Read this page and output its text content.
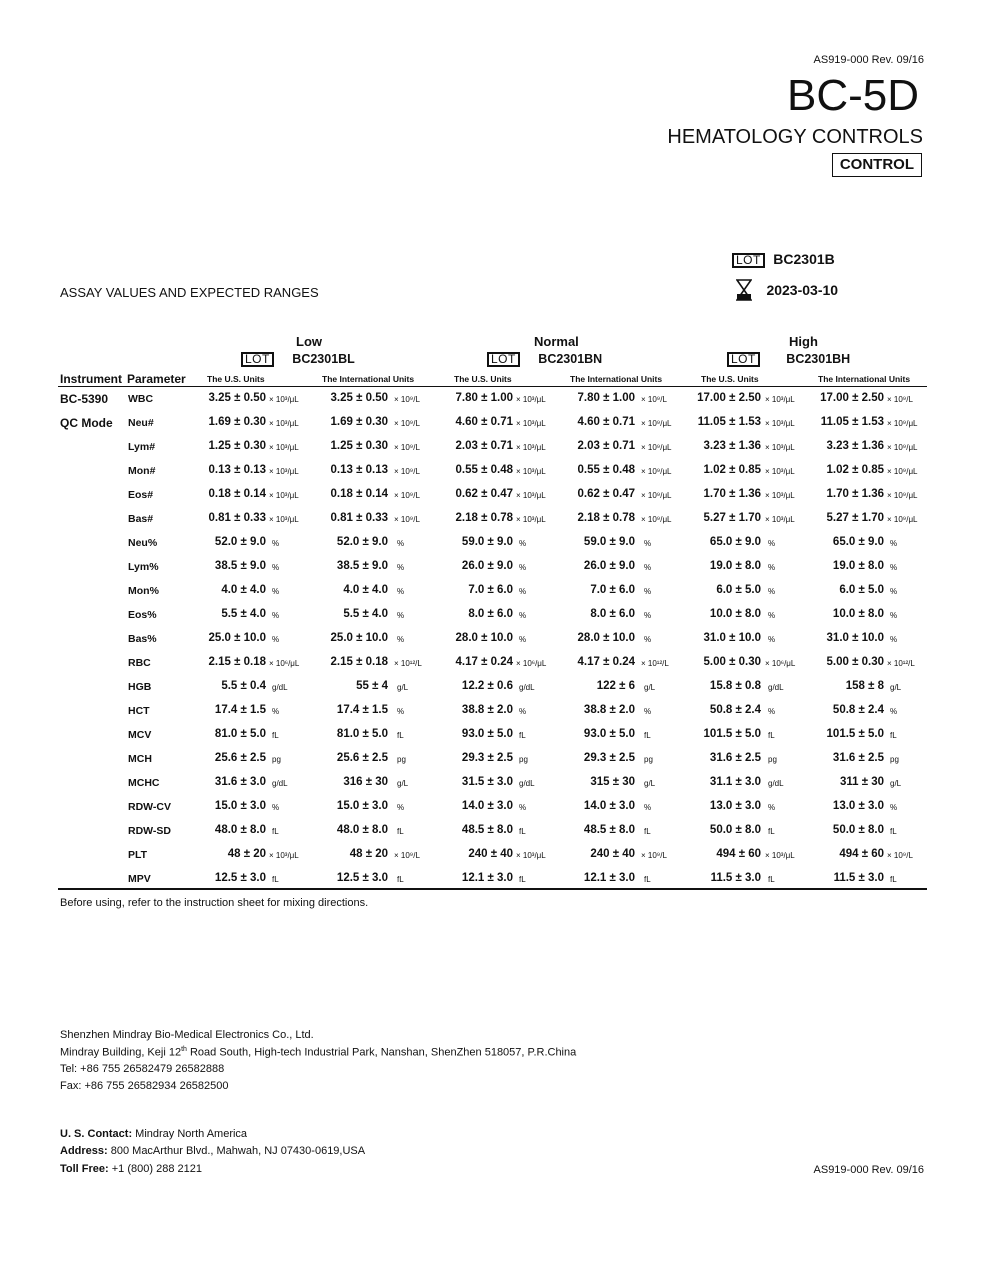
AS919-000 Rev. 09/16
BC-5D
HEMATOLOGY CONTROLS
CONTROL
LOT BC2301B
2023-03-10
ASSAY VALUES AND EXPECTED RANGES
Low
LOT BC2301BL
Normal
LOT BC2301BN
High
LOT BC2301BH
Instrument Parameter	The U.S. Units	The International Units	The U.S. Units	The International Units	The U.S. Units	The International Units
BC-5390
QC Mode
WBC	3.25 ± 0.50 × 10³/μL	3.25 ± 0.50 × 10⁹/L	7.80 ± 1.00 × 10³/μL	7.80 ± 1.00 × 10⁹/L	17.00 ± 2.50 × 10³/μL 17.00 ± 2.50 × 10⁹/L
Neu#	1.69 ± 0.30 × 10³/μL	1.69 ± 0.30 × 10⁹/L	4.60 ± 0.71 × 10³/μL	4.60 ± 0.71 × 10⁹/μL 11.05 ± 1.53 × 10³/μL 11.05 ± 1.53 × 10⁹/μL
Lym#	1.25 ± 0.30 × 10³/μL	1.25 ± 0.30 × 10⁹/L	2.03 ± 0.71 × 10³/μL	2.03 ± 0.71 × 10⁹/μL	3.23 ± 1.36 × 10³/μL	3.23 ± 1.36 × 10⁹/μL
Mon#	0.13 ± 0.13 × 10³/μL	0.13 ± 0.13 × 10⁹/L	0.55 ± 0.48 × 10³/μL	0.55 ± 0.48 × 10⁹/μL	1.02 ± 0.85 × 10³/μL	1.02 ± 0.85 × 10⁹/μL
Eos#	0.18 ± 0.14 × 10³/μL	0.18 ± 0.14 × 10⁹/L	0.62 ± 0.47 × 10³/μL	0.62 ± 0.47 × 10⁹/μL	1.70 ± 1.36 × 10³/μL	1.70 ± 1.36 × 10⁹/μL
Bas#	0.81 ± 0.33 × 10³/μL	0.81 ± 0.33 × 10⁹/L	2.18 ± 0.78 × 10³/μL	2.18 ± 0.78 × 10⁹/μL	5.27 ± 1.70 × 10³/μL	5.27 ± 1.70 × 10⁹/μL
Neu%	52.0 ± 9.0 %	52.0 ± 9.0 %	59.0 ± 9.0 %	59.0 ± 9.0 %	65.0 ± 9.0 %	65.0 ± 9.0 %
Lym%	38.5 ± 9.0 %	38.5 ± 9.0 %	26.0 ± 9.0 %	26.0 ± 9.0 %	19.0 ± 8.0 %	19.0 ± 8.0 %
Mon%	4.0 ± 4.0 %	4.0 ± 4.0 %	7.0 ± 6.0 %	7.0 ± 6.0 %	6.0 ± 5.0 %	6.0 ± 5.0 %
Eos%	5.5 ± 4.0 %	5.5 ± 4.0 %	8.0 ± 6.0 %	8.0 ± 6.0 %	10.0 ± 8.0 %	10.0 ± 8.0 %
Bas%	25.0 ± 10.0 %	25.0 ± 10.0 %	28.0 ± 10.0 %	28.0 ± 10.0 %	31.0 ± 10.0 %	31.0 ± 10.0 %
RBC	2.15 ± 0.18 × 10⁶/μL	2.15 ± 0.18 × 10¹²/L	4.17 ± 0.24 × 10⁶/μL	4.17 ± 0.24 × 10¹²/L	5.00 ± 0.30 × 10⁶/μL	5.00 ± 0.30 × 10¹²/L
HGB	5.5 ± 0.4 g/dL	55 ± 4 g/L	12.2 ± 0.6 g/dL	122 ± 6 g/L	15.8 ± 0.8 g/dL	158 ± 8 g/L
HCT	17.4 ± 1.5 %	17.4 ± 1.5 %	38.8 ± 2.0 %	38.8 ± 2.0 %	50.8 ± 2.4 %	50.8 ± 2.4 %
MCV	81.0 ± 5.0 fL	81.0 ± 5.0 fL	93.0 ± 5.0 fL	93.0 ± 5.0 fL	101.5 ± 5.0 fL	101.5 ± 5.0 fL
MCH	25.6 ± 2.5 pg	25.6 ± 2.5 pg	29.3 ± 2.5 pg	29.3 ± 2.5 pg	31.6 ± 2.5 pg	31.6 ± 2.5 pg
MCHC	31.6 ± 3.0 g/dL	316 ± 30 g/L	31.5 ± 3.0 g/dL	315 ± 30 g/L	31.1 ± 3.0 g/dL	311 ± 30 g/L
RDW-CV	15.0 ± 3.0 %	15.0 ± 3.0 %	14.0 ± 3.0 %	14.0 ± 3.0 %	13.0 ± 3.0 %	13.0 ± 3.0 %
RDW-SD	48.0 ± 8.0 fL	48.0 ± 8.0 fL	48.5 ± 8.0 fL	48.5 ± 8.0 fL	50.0 ± 8.0 fL	50.0 ± 8.0 fL
PLT	48 ± 20 × 10³/μL	48 ± 20 × 10⁹/L	240 ± 40 × 10³/μL	240 ± 40 × 10⁹/L	494 ± 60 × 10³/μL	494 ± 60 × 10⁹/L
MPV	12.5 ± 3.0 fL	12.5 ± 3.0 fL	12.1 ± 3.0 fL	12.1 ± 3.0 fL	11.5 ± 3.0 fL	11.5 ± 3.0 fL
Before using, refer to the instruction sheet for mixing directions.
Shenzhen Mindray Bio-Medical Electronics Co., Ltd.
Mindray Building, Keji 12th Road South, High-tech Industrial Park, Nanshan, ShenZhen 518057, P.R.China
Tel: +86 755 26582479 26582888
Fax: +86 755 26582934 26582500
U. S. Contact: Mindray North America
Address: 800 MacArthur Blvd., Mahwah, NJ 07430-0619,USA
Toll Free: +1 (800) 288 2121	AS919-000 Rev. 09/16
